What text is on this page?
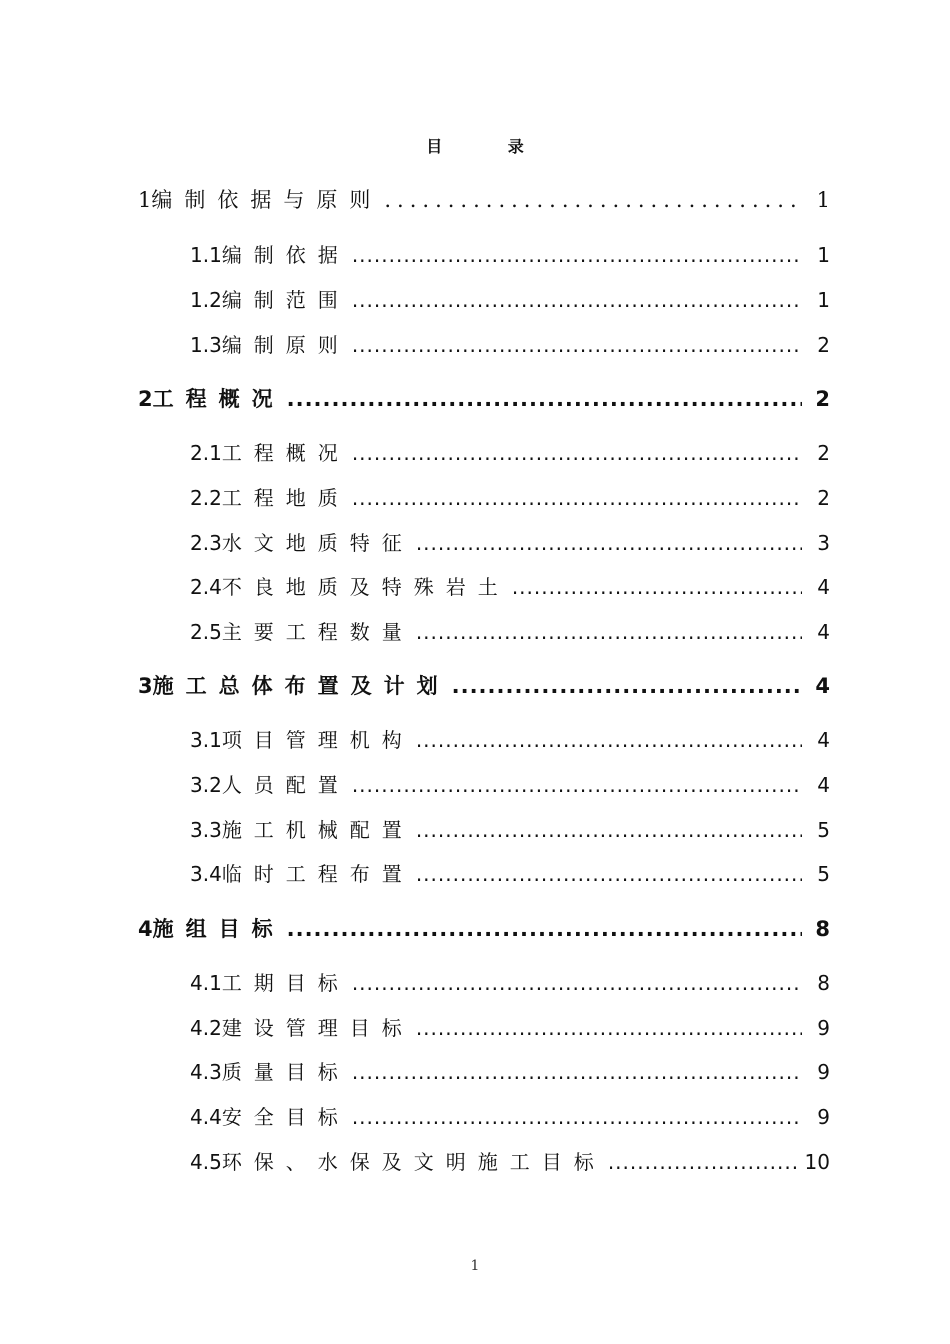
目 录
1 编制依据与原则 .....	1
1.1 编制依据 .....	1
1.2 编制范围 .....	1
1.3 编制原则 .....	2
2 工程概况 .....	2
2.1 工程概况 .....	2
2.2 工程地质 .....	2
2.3 水文地质特征 .....	3
2.4 不良地质及特殊岩土 .....	4
2.5 主要工程数量 .....	4
3 施工总体布置及计划 .....	4
3.1 项目管理机构 .....	4
3.2 人员配置 .....	4
3.3 施工机械配置 .....	5
3.4 临时工程布置 .....	5
4 施组目标 .....	8
4.1 工期目标 .....	8
4.2 建设管理目标 .....	9
4.3 质量目标 .....	9
4.4 安全目标 .....	9
4.5 环保、水保及文明施工目标 .....	10
1
